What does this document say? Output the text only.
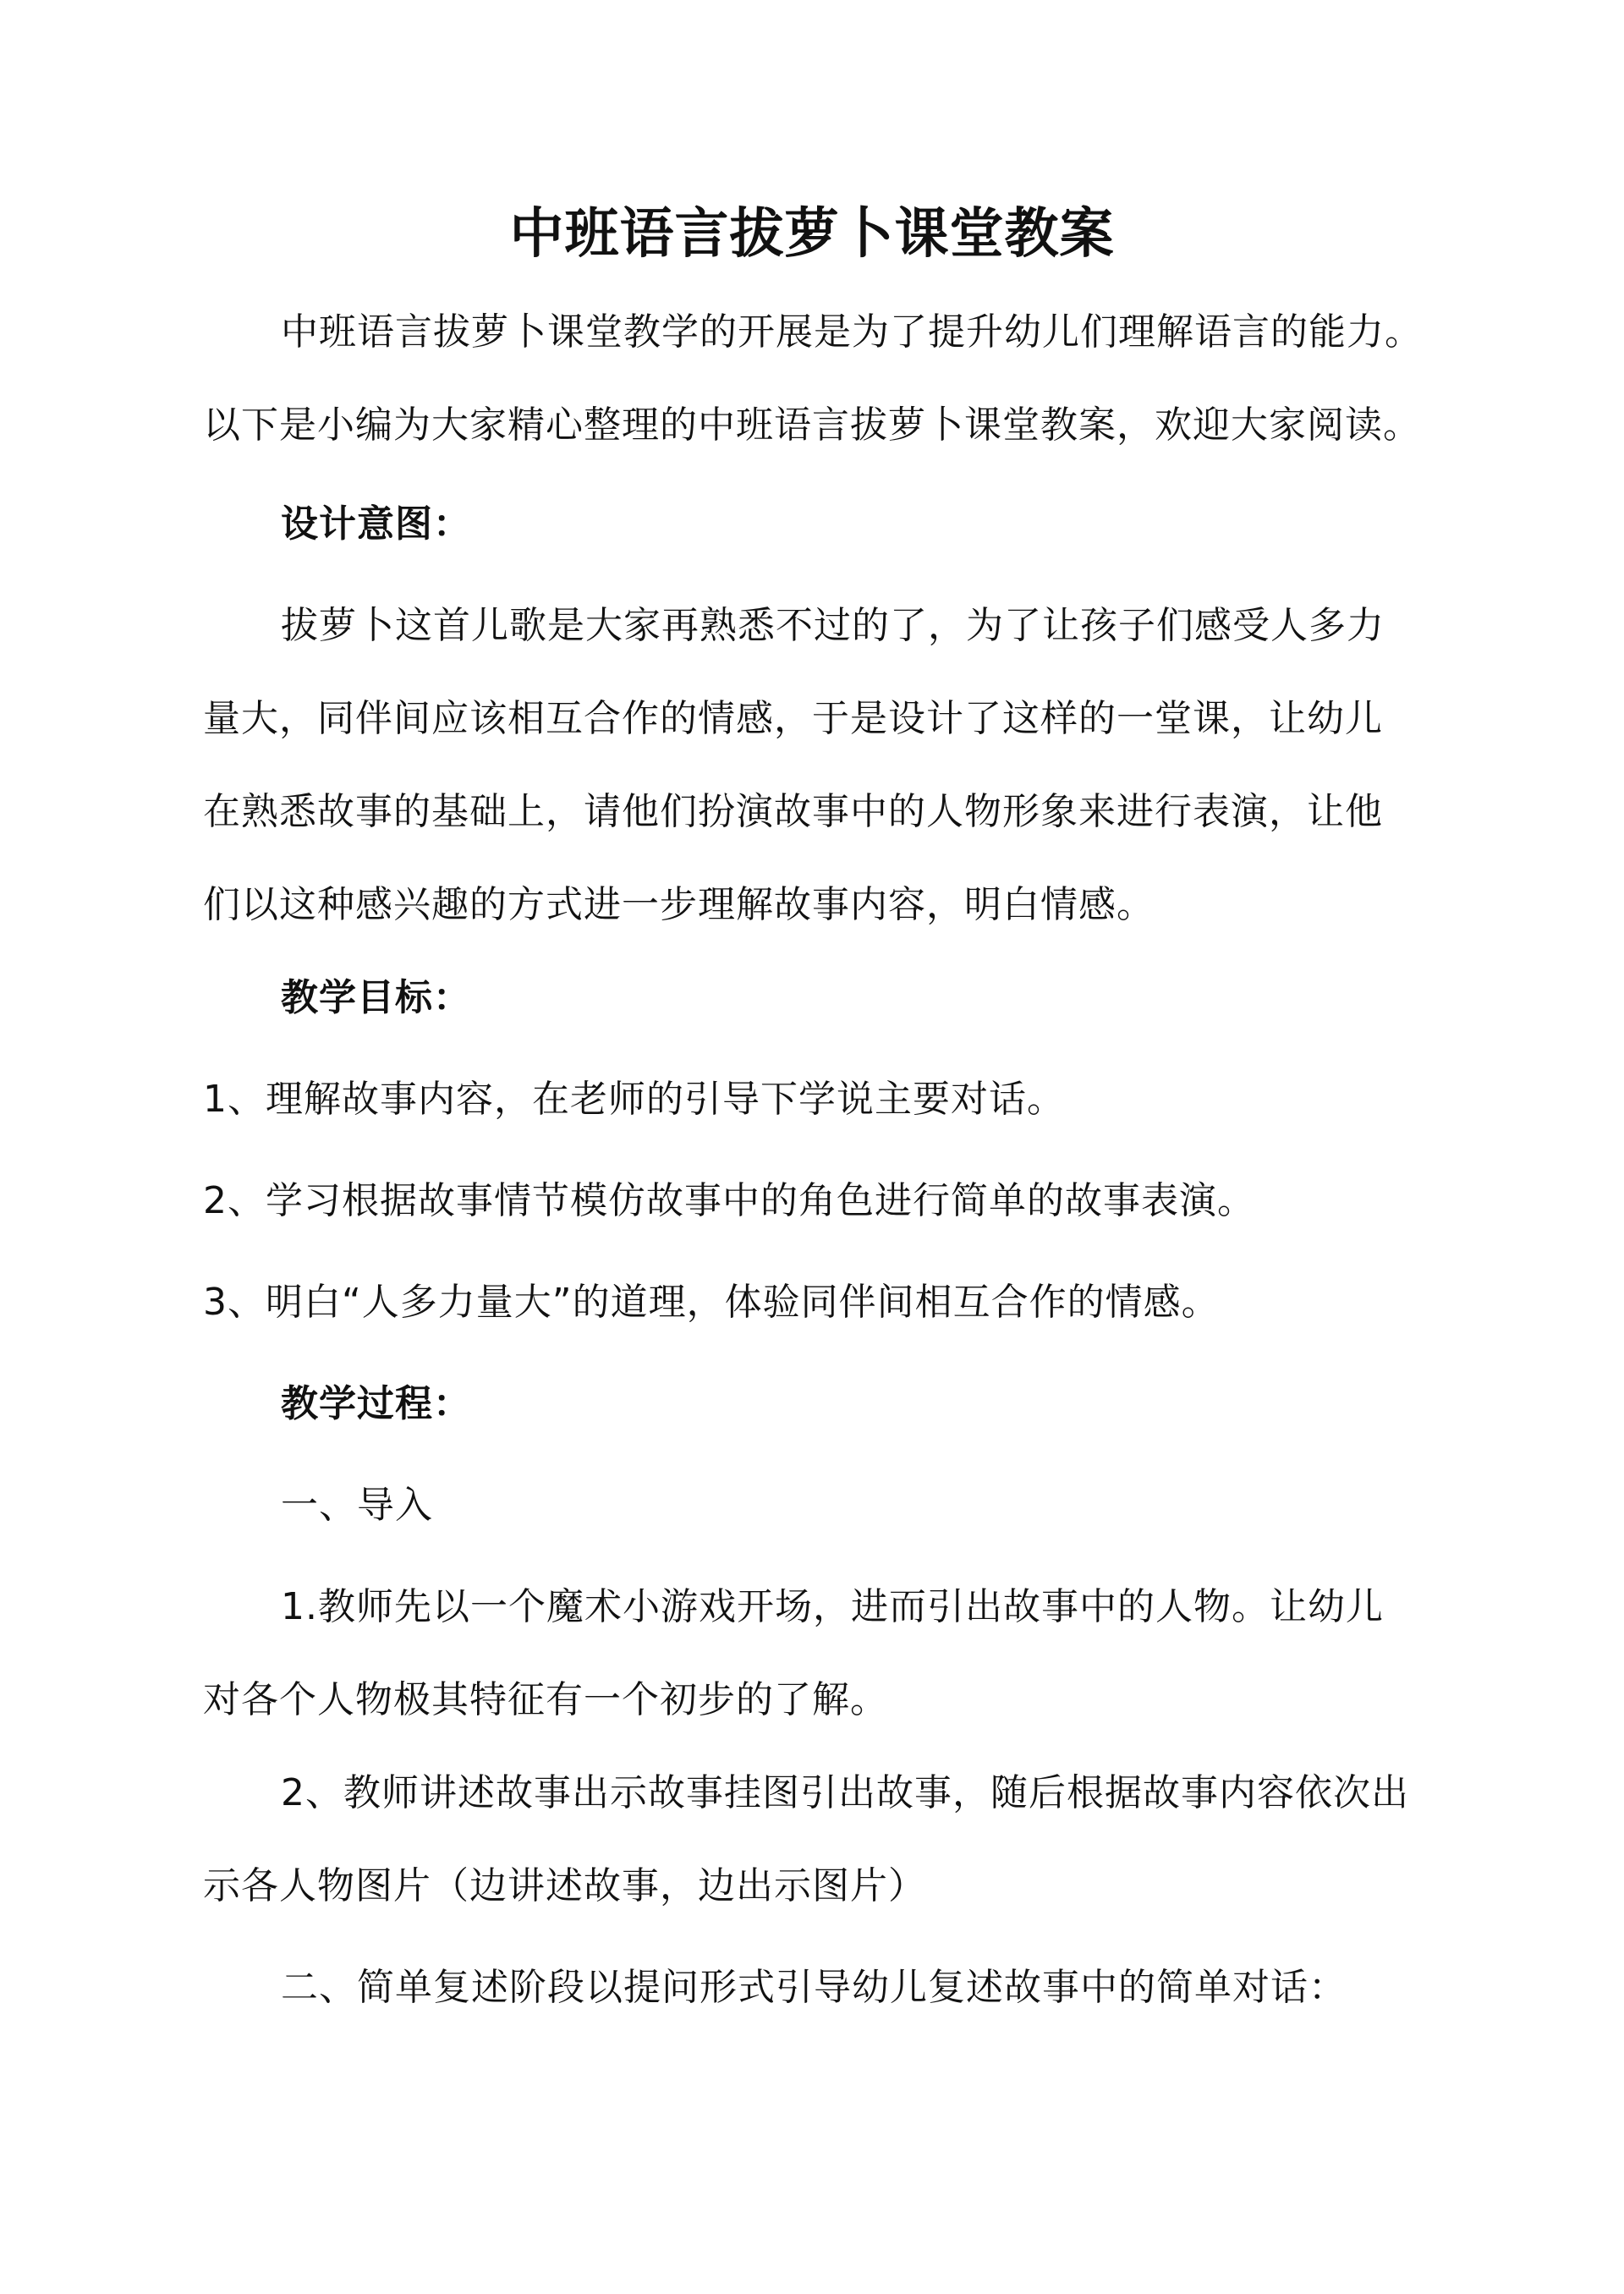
中班语言拔萝卜课堂教案
中班语言拔萝卜课堂教学的开展是为了提升幼儿们理解语言的能力。
以下是小编为大家精心整理的中班语言拔萝卜课堂教案，欢迎大家阅读。
设计意图：
拔萝卜这首儿歌是大家再熟悉不过的了，为了让孩子们感受人多力
量大，同伴间应该相互合作的情感，于是设计了这样的一堂课，让幼儿
在熟悉故事的基础上，请他们扮演故事中的人物形象来进行表演，让他
们以这种感兴趣的方式进一步理解故事内容，明白情感。
教学目标：
1、理解故事内容，在老师的引导下学说主要对话。
2、学习根据故事情节模仿故事中的角色进行简单的故事表演。
3、明白“人多力量大”的道理，体验同伴间相互合作的情感。
教学过程：
一、导入
1.教师先以一个魔术小游戏开场，进而引出故事中的人物。让幼儿
对各个人物极其特征有一个初步的了解。
2、教师讲述故事出示故事挂图引出故事，随后根据故事内容依次出
示各人物图片（边讲述故事，边出示图片）
二、简单复述阶段以提问形式引导幼儿复述故事中的简单对话：
